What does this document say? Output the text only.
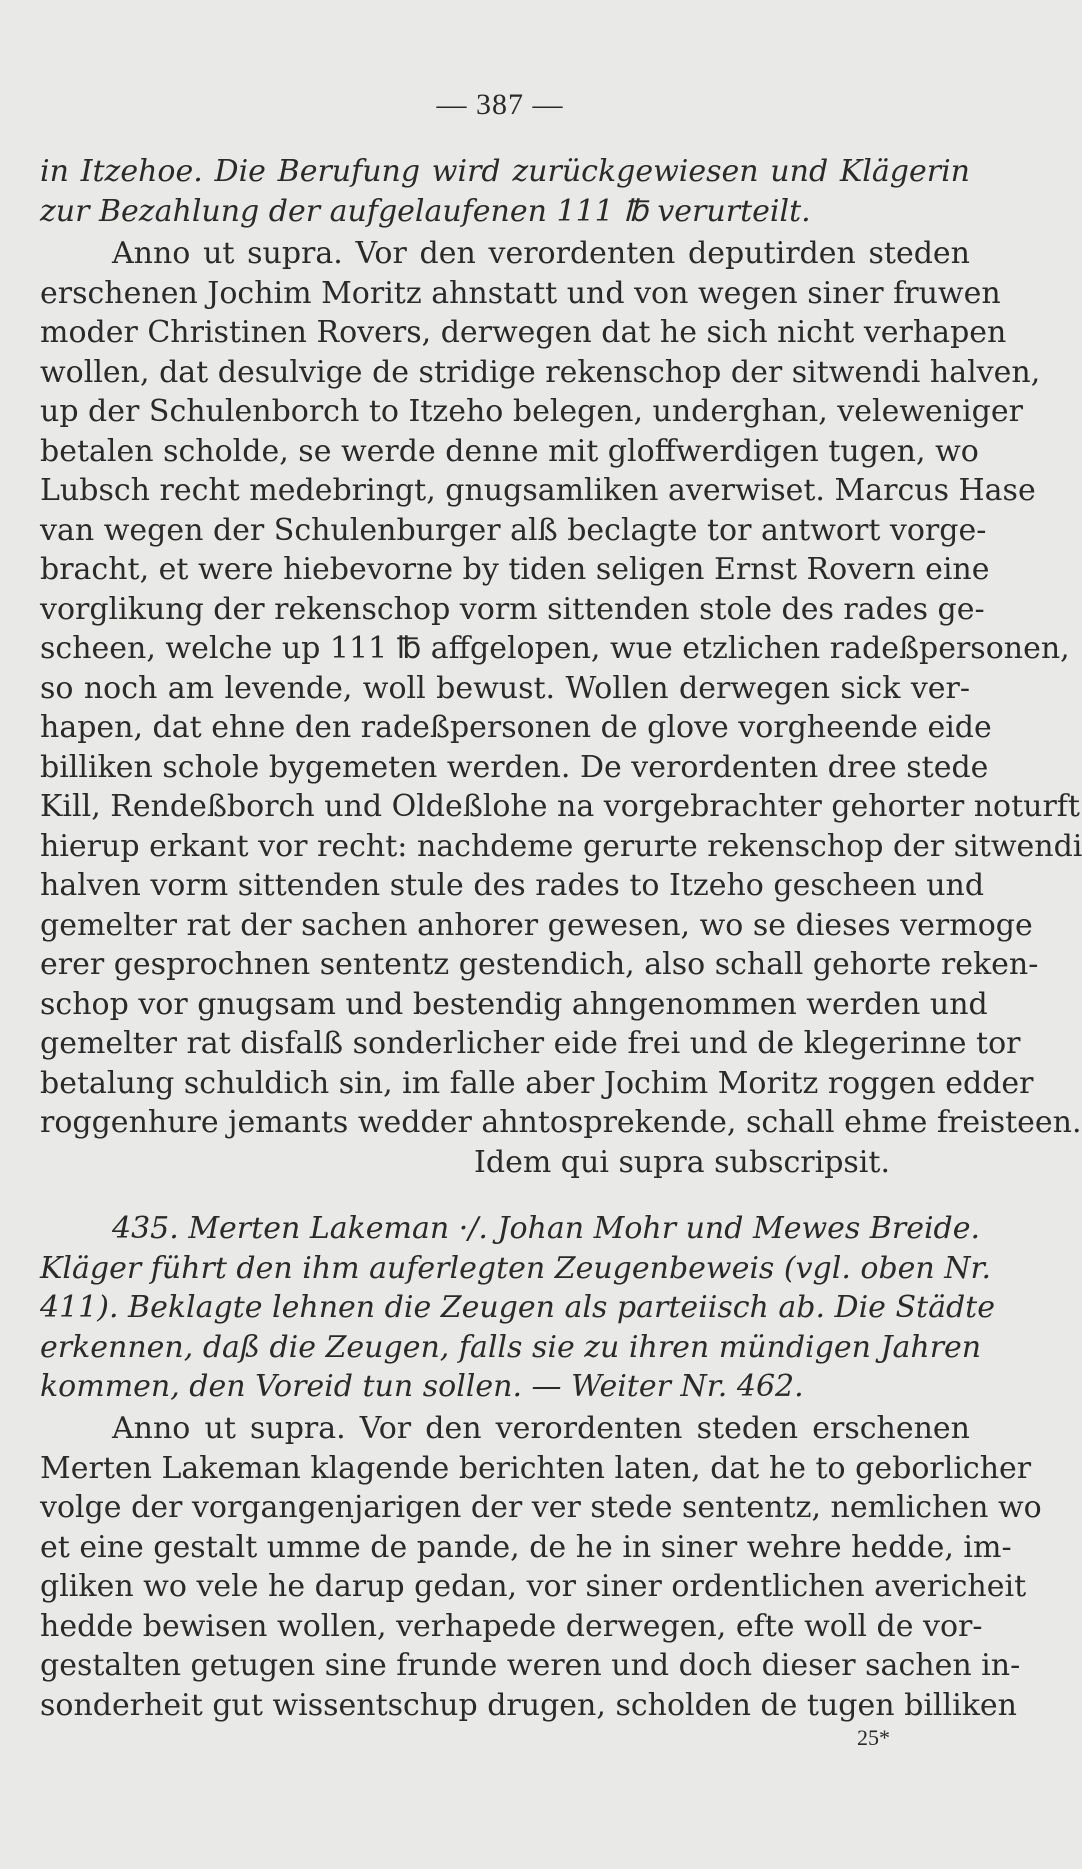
— 387 —
in Itzehoe. Die Berufung wird zurückgewiesen und Klägerin
zur Bezahlung der aufgelaufenen 111 ℔ verurteilt.
Anno ut supra. Vor den verordenten deputirden steden
erschenen Jochim Moritz ahnstatt und von wegen siner fruwen
moder Christinen Rovers, derwegen dat he sich nicht verhapen
wollen, dat desulvige de stridige rekenschop der sitwendi halven,
up der Schulenborch to Itzeho belegen, underghan, veleweniger
betalen scholde, se werde denne mit gloffwerdigen tugen, wo
Lubsch recht medebringt, gnugsamliken averwiset. Marcus Hase
van wegen der Schulenburger alß beclagte tor antwort vorge-
bracht, et were hiebevorne by tiden seligen Ernst Rovern eine
vorglikung der rekenschop vorm sittenden stole des rades ge-
scheen, welche up 111 ℔ affgelopen, wue etzlichen radeßpersonen,
so noch am levende, woll bewust. Wollen derwegen sick ver-
hapen, dat ehne den radeßpersonen de glove vorgheende eide
billiken schole bygemeten werden. De verordenten dree stede
Kill, Rendeßborch und Oldeßlohe na vorgebrachter gehorter noturft
hierup erkant vor recht: nachdeme gerurte rekenschop der sitwendi
halven vorm sittenden stule des rades to Itzeho gescheen und
gemelter rat der sachen anhorer gewesen, wo se dieses vermoge
erer gesprochnen sententz gestendich, also schall gehorte reken-
schop vor gnugsam und bestendig ahngenommen werden und
gemelter rat disfalß sonderlicher eide frei und de klegerinne tor
betalung schuldich sin, im falle aber Jochim Moritz roggen edder
roggenhure jemants wedder ahntosprekende, schall ehme freisteen.
Idem qui supra subscripsit.
435. Merten Lakeman ·/. Johan Mohr und Mewes Breide.
Kläger führt den ihm auferlegten Zeugenbeweis (vgl. oben Nr.
411). Beklagte lehnen die Zeugen als parteiisch ab. Die Städte
erkennen, daß die Zeugen, falls sie zu ihren mündigen Jahren
kommen, den Voreid tun sollen. — Weiter Nr. 462.
Anno ut supra. Vor den verordenten steden erschenen
Merten Lakeman klagende berichten laten, dat he to geborlicher
volge der vorgangenjarigen der ver stede sententz, nemlichen wo
et eine gestalt umme de pande, de he in siner wehre hedde, im-
gliken wo vele he darup gedan, vor siner ordentlichen avericheit
hedde bewisen wollen, verhapede derwegen, efte woll de vor-
gestalten getugen sine frunde weren und doch dieser sachen in-
sonderheit gut wissentschup drugen, scholden de tugen billiken
25*
